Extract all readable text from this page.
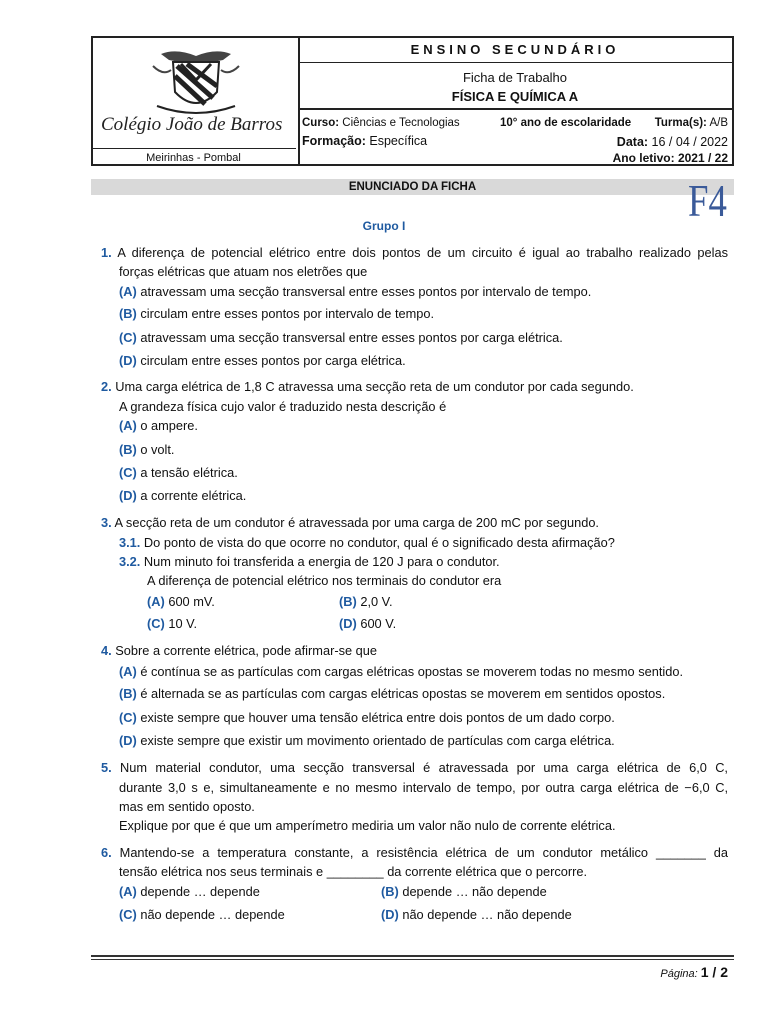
Colégio João de Barros
ENSINO SECUNDÁRIO
Ficha de Trabalho
FÍSICA E QUÍMICA A
Curso: Ciências e Tecnologias	10° ano de escolaridade Turma(s): A/B
Formação: Específica	Data: 16 / 04 / 2022
Ano letivo: 2021 / 22
Meirinhas - Pombal
ENUNCIADO DA FICHA	F4
Grupo I
1. A diferença de potencial elétrico entre dois pontos de um circuito é igual ao trabalho realizado pelas
forças elétricas que atuam nos eletrões que
(A) atravessam uma secção transversal entre esses pontos por intervalo de tempo.
(B) circulam entre esses pontos por intervalo de tempo.
(C) atravessam uma secção transversal entre esses pontos por carga elétrica.
(D) circulam entre esses pontos por carga elétrica.
2. Uma carga elétrica de 1,8 C atravessa uma secção reta de um condutor por cada segundo.
A grandeza física cujo valor é traduzido nesta descrição é
(A) o ampere.
(B) o volt.
(C) a tensão elétrica.
(D) a corrente elétrica.
3. A secção reta de um condutor é atravessada por uma carga de 200 mC por segundo.
3.1. Do ponto de vista do que ocorre no condutor, qual é o significado desta afirmação?
3.2. Num minuto foi transferida a energia de 120 J para o condutor.
A diferença de potencial elétrico nos terminais do condutor era
(A) 600 mV.	(B) 2,0 V.
(C) 10 V.	(D) 600 V.
4. Sobre a corrente elétrica, pode afirmar-se que
(A) é contínua se as partículas com cargas elétricas opostas se moverem todas no mesmo sentido.
(B) é alternada se as partículas com cargas elétricas opostas se moverem em sentidos opostos.
(C) existe sempre que houver uma tensão elétrica entre dois pontos de um dado corpo.
(D) existe sempre que existir um movimento orientado de partículas com carga elétrica.
5. Num material condutor, uma secção transversal é atravessada por uma carga elétrica de 6,0 C,
durante 3,0 s e, simultaneamente e no mesmo intervalo de tempo, por outra carga elétrica de −6,0 C,
mas em sentido oposto.
Explique por que é que um amperímetro mediria um valor não nulo de corrente elétrica.
6. Mantendo-se a temperatura constante, a resistência elétrica de um condutor metálico _______ da
tensão elétrica nos seus terminais e ________ da corrente elétrica que o percorre.
(A) depende … depende	(B) depende … não depende
(C) não depende … depende	(D) não depende … não depende
Página: 1 / 2
